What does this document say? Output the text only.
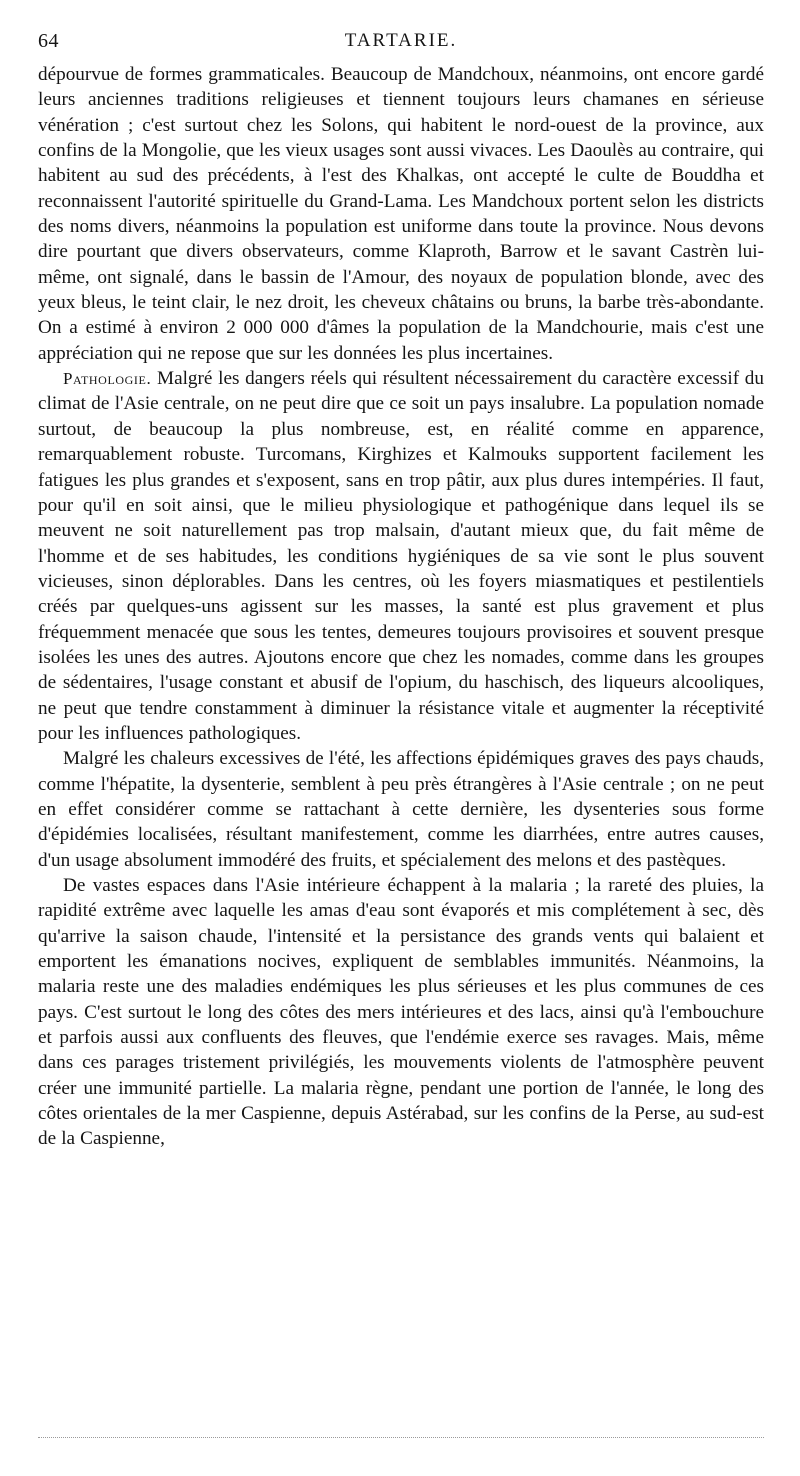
64	TARTARIE.

dépourvue de formes grammaticales. Beaucoup de Mandchoux, néanmoins, ont encore gardé leurs anciennes traditions religieuses et tiennent toujours leurs chamanes en sérieuse vénération ; c'est surtout chez les Solons, qui habitent le nord-ouest de la province, aux confins de la Mongolie, que les vieux usages sont aussi vivaces. Les Daoulès au contraire, qui habitent au sud des précédents, à l'est des Khalkas, ont accepté le culte de Bouddha et reconnaissent l'autorité spirituelle du Grand-Lama. Les Mandchoux portent selon les districts des noms divers, néanmoins la population est uniforme dans toute la province. Nous devons dire pourtant que divers observateurs, comme Klaproth, Barrow et le savant Castrèn lui-même, ont signalé, dans le bassin de l'Amour, des noyaux de population blonde, avec des yeux bleus, le teint clair, le nez droit, les cheveux châtains ou bruns, la barbe très-abondante. On a estimé à environ 2 000 000 d'âmes la population de la Mandchourie, mais c'est une appréciation qui ne repose que sur les données les plus incertaines.

Pathologie. Malgré les dangers réels qui résultent nécessairement du caractère excessif du climat de l'Asie centrale, on ne peut dire que ce soit un pays insalubre. La population nomade surtout, de beaucoup la plus nombreuse, est, en réalité comme en apparence, remarquablement robuste. Turcomans, Kirghizes et Kalmouks supportent facilement les fatigues les plus grandes et s'exposent, sans en trop pâtir, aux plus dures intempéries. Il faut, pour qu'il en soit ainsi, que le milieu physiologique et pathogénique dans lequel ils se meuvent ne soit naturellement pas trop malsain, d'autant mieux que, du fait même de l'homme et de ses habitudes, les conditions hygiéniques de sa vie sont le plus souvent vicieuses, sinon déplorables. Dans les centres, où les foyers miasmatiques et pestilentiels créés par quelques-uns agissent sur les masses, la santé est plus gravement et plus fréquemment menacée que sous les tentes, demeures toujours provisoires et souvent presque isolées les unes des autres. Ajoutons encore que chez les nomades, comme dans les groupes de sédentaires, l'usage constant et abusif de l'opium, du haschisch, des liqueurs alcooliques, ne peut que tendre constamment à diminuer la résistance vitale et augmenter la réceptivité pour les influences pathologiques.

Malgré les chaleurs excessives de l'été, les affections épidémiques graves des pays chauds, comme l'hépatite, la dysenterie, semblent à peu près étrangères à l'Asie centrale ; on ne peut en effet considérer comme se rattachant à cette dernière, les dysenteries sous forme d'épidémies localisées, résultant manifestement, comme les diarrhées, entre autres causes, d'un usage absolument immodéré des fruits, et spécialement des melons et des pastèques.

De vastes espaces dans l'Asie intérieure échappent à la malaria ; la rareté des pluies, la rapidité extrême avec laquelle les amas d'eau sont évaporés et mis complétement à sec, dès qu'arrive la saison chaude, l'intensité et la persistance des grands vents qui balaient et emportent les émanations nocives, expliquent de semblables immunités. Néanmoins, la malaria reste une des maladies endémiques les plus sérieuses et les plus communes de ces pays. C'est surtout le long des côtes des mers intérieures et des lacs, ainsi qu'à l'embouchure et parfois aussi aux confluents des fleuves, que l'endémie exerce ses ravages. Mais, même dans ces parages tristement privilégiés, les mouvements violents de l'atmosphère peuvent créer une immunité partielle. La malaria règne, pendant une portion de l'année, le long des côtes orientales de la mer Caspienne, depuis Astérabad, sur les confins de la Perse, au sud-est de la Caspienne,
